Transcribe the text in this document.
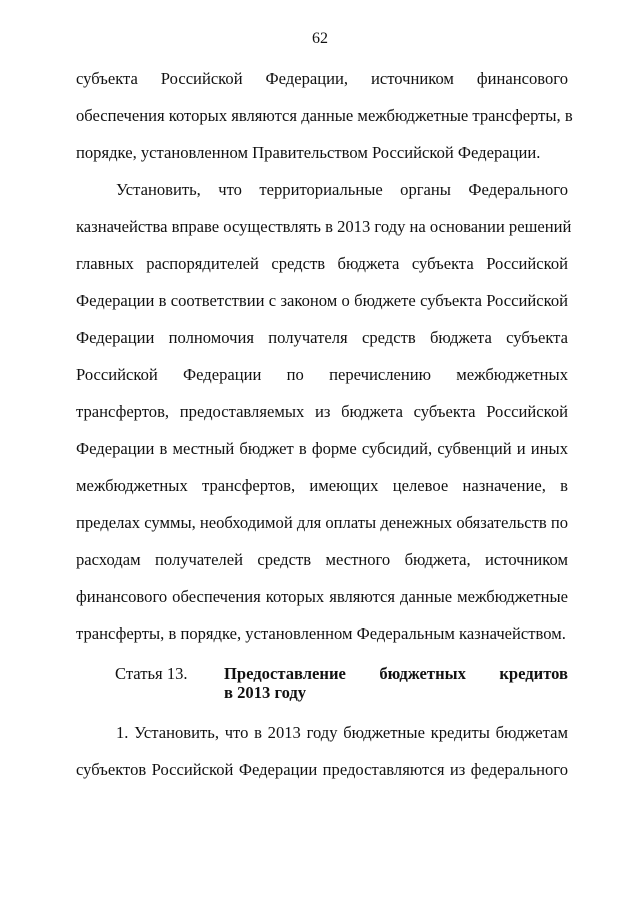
62
субъекта Российской Федерации, источником финансового
обеспечения которых являются данные межбюджетные трансферты, в
порядке, установленном Правительством Российской Федерации.
Установить, что территориальные органы Федерального
казначейства вправе осуществлять в 2013 году на основании решений
главных распорядителей средств бюджета субъекта Российской
Федерации в соответствии с законом о бюджете субъекта Российской
Федерации полномочия получателя средств бюджета субъекта
Российской Федерации по перечислению межбюджетных
трансфертов, предоставляемых из бюджета субъекта Российской
Федерации в местный бюджет в форме субсидий, субвенций и иных
межбюджетных трансфертов, имеющих целевое назначение, в
пределах суммы, необходимой для оплаты денежных обязательств по
расходам получателей средств местного бюджета, источником
финансового обеспечения которых являются данные межбюджетные
трансферты, в порядке, установленном Федеральным казначейством.
Статья 13. Предоставление бюджетных кредитов
в 2013 году
1. Установить, что в 2013 году бюджетные кредиты бюджетам
субъектов Российской Федерации предоставляются из федерального
